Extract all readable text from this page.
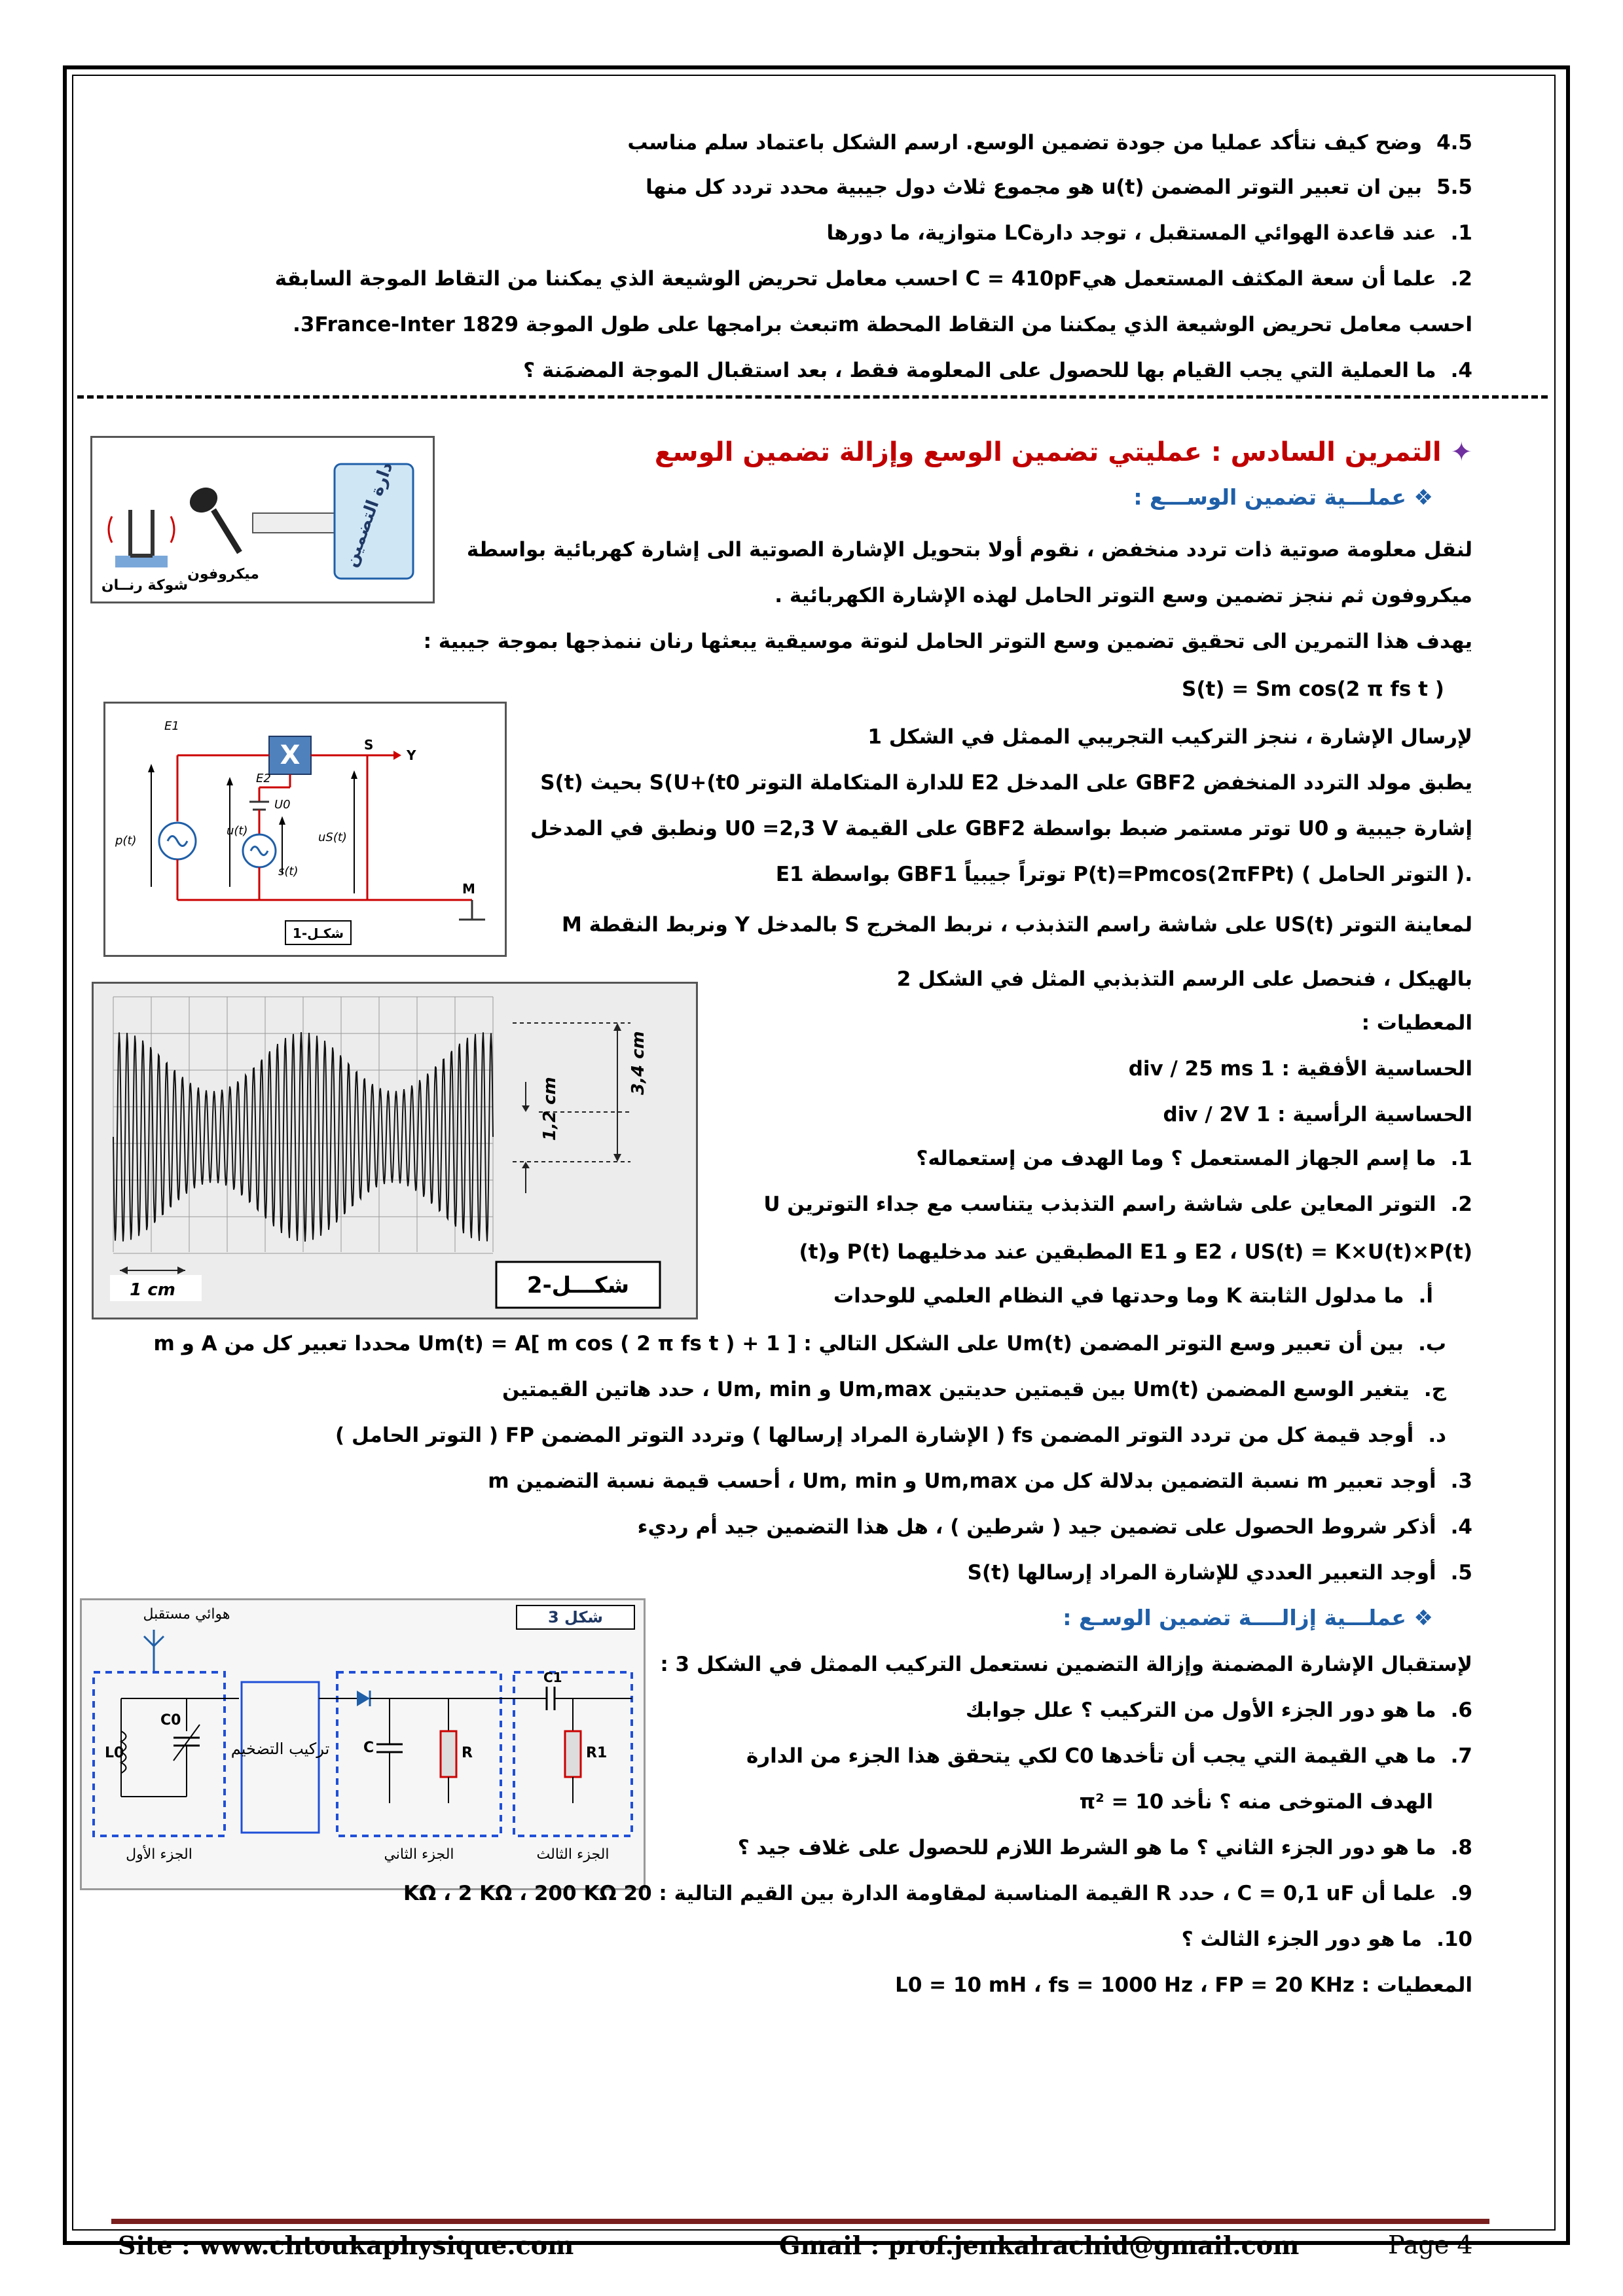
4.5وضح كيف نتأكد عمليا من جودة تضمين الوسع. ارسم الشكل باعتماد سلم مناسب
5.5بين ان تعبير التوتر المضمن u(t) هو مجموع ثلاث دول جيبية محدد تردد كل منها
1.عند قاعدة الهوائي المستقبل ، توجد دارةLC متوازية، ما دورها
2.علما أن سعة المكثف المستعمل هيC = 410pF احسب معامل تحريض الوشيعة الذي يمكننا من التقاط الموجة السابقة
3.France-Inter تبعث برامجها على طول الموجة 1829m احسب معامل تحريض الوشيعة الذي يمكننا من التقاط المحطة
4.ما العملية التي يجب القيام بها للحصول على المعلومة فقط ، بعد استقبال الموجة المضمَنة ؟
✦ التمرين السادس : عمليتي تضمين الوسع وإزالة تضمين الوسع
❖ عملـــية تضمين الوســـع :
دارة التضمين
شوكة رنــان
ميكروفون
لنقل معلومة صوتية ذات تردد منخفض ، نقوم أولا بتحويل الإشارة الصوتية الى إشارة كهربائية بواسطة
ميكروفون ثم ننجز تضمين وسع التوتر الحامل لهذه الإشارة الكهربائية .
يهدف هذا التمرين الى تحقيق تضمين وسع التوتر الحامل لنوتة موسيقية يبعثها رنان ننمذجها بموجة جيبية :
S(t) = Sm cos(2 π fs t )
لإرسال الإشارة ، ننجز التركيب التجريبي الممثل في الشكل 1
يطبق مولد التردد المنخفض GBF2 على المدخل E2 للدارة المتكاملة التوتر S(U+(t0 بحيث S(t)
إشارة جيبية و U0 توتر مستمر ضبط بواسطة GBF2 على القيمة U0 =2,3 V ونطبق في المدخل
E1 بواسطة GBF1 توتراً جيبياً P(t)=Pmcos(2πFPt) ( التوتر الحامل ).
لمعاينة التوتر US(t) على شاشة راسم التذبذب ، نربط المخرج S بالمدخل Y ونربط النقطة M
بالهيكل ، فنحصل على الرسم التذبذبي المثل في الشكل 2
المعطيات :
الحساسية الأفقية : 1 div / 25 ms
الحساسية الرأسية : 1 div / 2V
X
E1
E2
S
Y
M
U0
p(t)
u(t)
s(t)
uS(t)
شكـل-1
3,4 cm
1,2 cm
1 cm	شكـــل-2
1.ما إسم الجهاز المستعمل ؟ وما الهدف من إستعماله؟
2.التوتر المعاين على شاشة راسم التذبذب يتناسب مع جداء التوترين U
(t)و P(t) المطبقين عند مدخليهما E1 و E2 ، US(t) = K×U(t)×P(t)
أ.ما مدلول الثابتة K وما وحدتها في النظام العلمي للوحدات
ب.بين أن تعبير وسع التوتر المضمن Um(t) على الشكل التالي : Um(t) = A[ m cos ( 2 π fs t ) + 1 ] محددا تعبير كل من A و m
ج.يتغير الوسع المضمن Um(t) بين قيمتين حديتين Um,max و Um, min ، حدد هاتين القيمتين
د.أوجد قيمة كل من تردد التوتر المضمن fs ( الإشارة المراد إرسالها ) وتردد التوتر المضمن FP ( التوتر الحامل )
3.أوجد تعبير m نسبة التضمين بدلالة كل من Um,max و Um, min ، أحسب قيمة نسبة التضمين m
4.أذكر شروط الحصول على تضمين جيد ( شرطين ) ، هل هذا التضمين جيد أم رديء
5.أوجد التعبير العددي للإشارة المراد إرسالها S(t)
❖ عملـــية إزالــــة تضمين الوسـع :
شكل 3
هوائي مستقبل
تركيب التضخيم
L0
C0
C	R
C1
R1
الجزء الأول	الجزء الثاني	الجزء الثالث
لإستقبال الإشارة المضمنة وإزالة التضمين نستعمل التركيب الممثل في الشكل 3 :
6.ما هو دور الجزء الأول من التركيب ؟ علل جوابك
7.ما هي القيمة التي يجب أن تأخدها C0 لكي يتحقق هذا الجزء من الدارة
الهدف المتوخى منه ؟ نأخد 10 = π²
8.ما هو دور الجزء الثاني ؟ ما هو الشرط اللازم للحصول على غلاف جيد ؟
9.علما أن C = 0,1 uF ، حدد R القيمة المناسبة لمقاومة الدارة بين القيم التالية : 20 KΩ ، 2 KΩ ، 200 KΩ
10.ما هو دور الجزء الثالث ؟
المعطيات : L0 = 10 mH ، fs = 1000 Hz ، FP = 20 KHz
Site : www.chtoukaphysique.com	Gmail : prof.jenkalrachid@gmail.com	Page 4
